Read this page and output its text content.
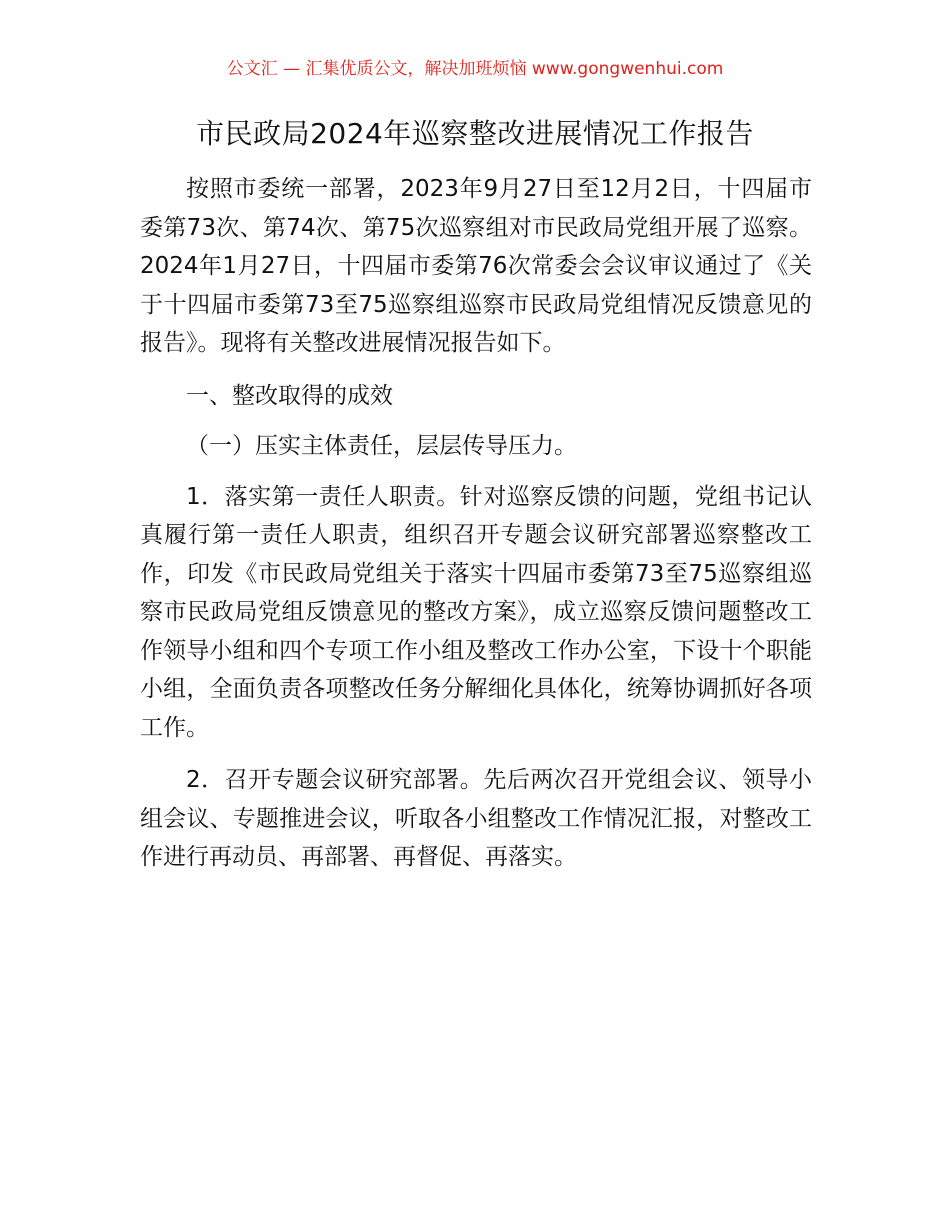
公文汇 — 汇集优质公文，解决加班烦恼 www.gongwenhui.com
市民政局2024年巡察整改进展情况工作报告

按照市委统一部署，2023年9月27日至12月2日，十四届市委第73次、第74次、第75次巡察组对市民政局党组开展了巡察。2024年1月27日，十四届市委第76次常委会会议审议通过了《关于十四届市委第73至75巡察组巡察市民政局党组情况反馈意见的报告》。现将有关整改进展情况报告如下。

一、整改取得的成效

（一）压实主体责任，层层传导压力。

1．落实第一责任人职责。针对巡察反馈的问题，党组书记认真履行第一责任人职责，组织召开专题会议研究部署巡察整改工作，印发《市民政局党组关于落实十四届市委第73至75巡察组巡察市民政局党组反馈意见的整改方案》，成立巡察反馈问题整改工作领导小组和四个专项工作小组及整改工作办公室，下设十个职能小组，全面负责各项整改任务分解细化具体化，统筹协调抓好各项工作。

2．召开专题会议研究部署。先后两次召开党组会议、领导小组会议、专题推进会议，听取各小组整改工作情况汇报，对整改工作进行再动员、再部署、再督促、再落实。
